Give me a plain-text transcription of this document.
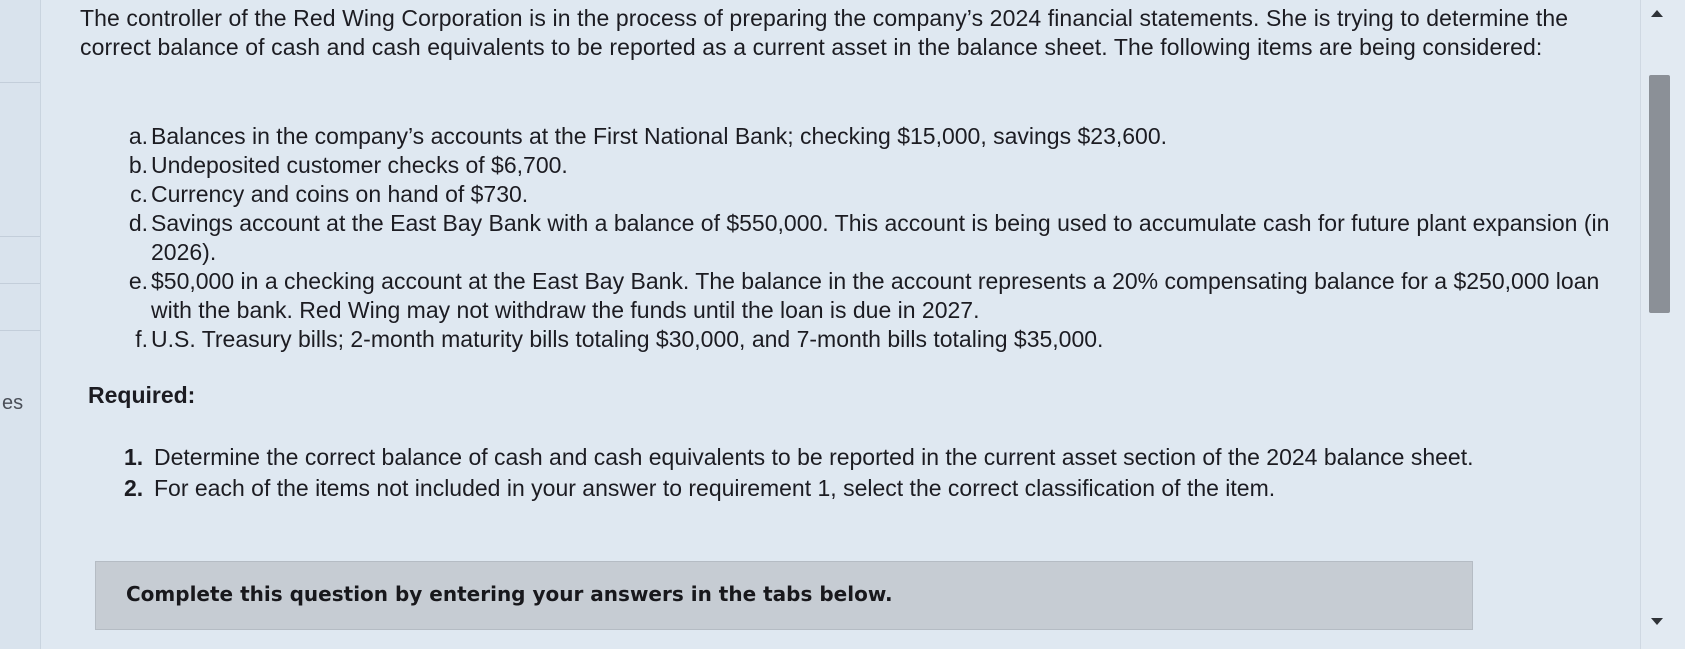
es

The controller of the Red Wing Corporation is in the process of preparing the company’s 2024 financial statements. She is trying to determine the correct balance of cash and cash equivalents to be reported as a current asset in the balance sheet. The following items are being considered:

a. Balances in the company’s accounts at the First National Bank; checking $15,000, savings $23,600.
b. Undeposited customer checks of $6,700.
c. Currency and coins on hand of $730.
d. Savings account at the East Bay Bank with a balance of $550,000. This account is being used to accumulate cash for future plant expansion (in 2026).
e. $50,000 in a checking account at the East Bay Bank. The balance in the account represents a 20% compensating balance for a $250,000 loan with the bank. Red Wing may not withdraw the funds until the loan is due in 2027.
f. U.S. Treasury bills; 2-month maturity bills totaling $30,000, and 7-month bills totaling $35,000.
Required:
1. Determine the correct balance of cash and cash equivalents to be reported in the current asset section of the 2024 balance sheet.
2. For each of the items not included in your answer to requirement 1, select the correct classification of the item.
Complete this question by entering your answers in the tabs below.
